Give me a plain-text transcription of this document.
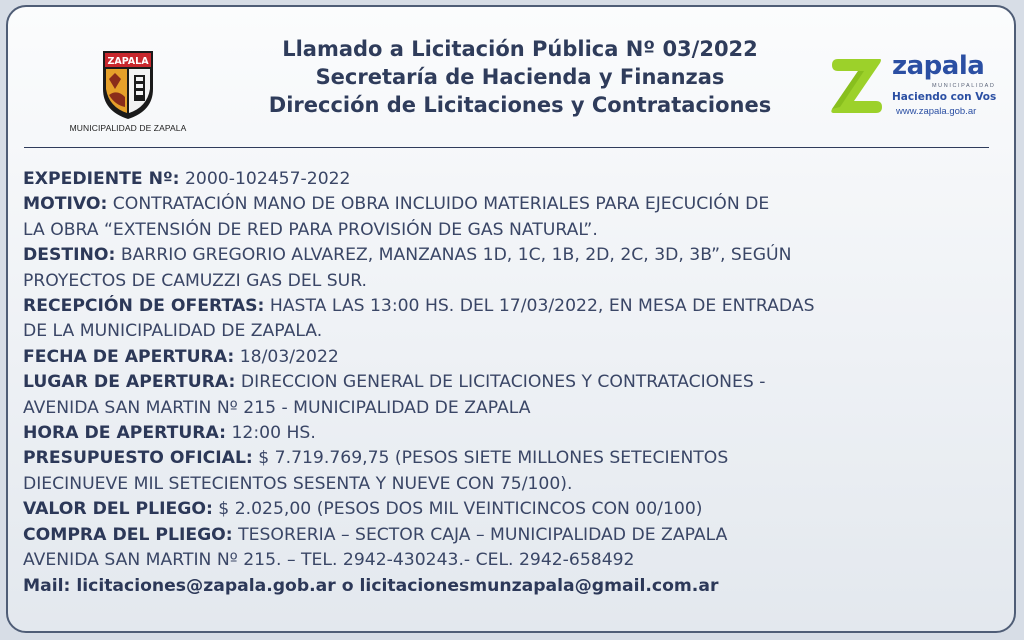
ZAPALA
MUNICIPALIDAD DE ZAPALA
Llamado a Licitación Pública Nº 03/2022
Secretaría de Hacienda y Finanzas
Dirección de Licitaciones y Contrataciones
zapala
MUNICIPALIDAD
Haciendo con Vos
www.zapala.gob.ar

EXPEDIENTE Nº: 2000-102457-2022

MOTIVO: CONTRATACIÓN MANO DE OBRA INCLUIDO MATERIALES PARA EJECUCIÓN DE

LA OBRA “EXTENSIÓN DE RED PARA PROVISIÓN DE GAS NATURAL”.

DESTINO: BARRIO GREGORIO ALVAREZ, MANZANAS 1D, 1C, 1B, 2D, 2C, 3D, 3B”, SEGÚN

PROYECTOS DE CAMUZZI GAS DEL SUR.

RECEPCIÓN DE OFERTAS: HASTA LAS 13:00 HS. DEL 17/03/2022, EN MESA DE ENTRADAS

DE LA MUNICIPALIDAD DE ZAPALA.

FECHA DE APERTURA: 18/03/2022

LUGAR DE APERTURA: DIRECCION GENERAL DE LICITACIONES Y CONTRATACIONES -

AVENIDA SAN MARTIN Nº 215 - MUNICIPALIDAD DE ZAPALA

HORA DE APERTURA: 12:00 HS.

PRESUPUESTO OFICIAL: $ 7.719.769,75 (PESOS SIETE MILLONES SETECIENTOS

DIECINUEVE MIL SETECIENTOS SESENTA Y NUEVE CON 75/100).

VALOR DEL PLIEGO: $ 2.025,00 (PESOS DOS MIL VEINTICINCOS CON 00/100)

COMPRA DEL PLIEGO: TESORERIA – SECTOR CAJA – MUNICIPALIDAD DE ZAPALA

AVENIDA SAN MARTIN Nº 215. – TEL. 2942-430243.- CEL. 2942-658492

Mail: licitaciones@zapala.gob.ar o licitacionesmunzapala@gmail.com.ar
